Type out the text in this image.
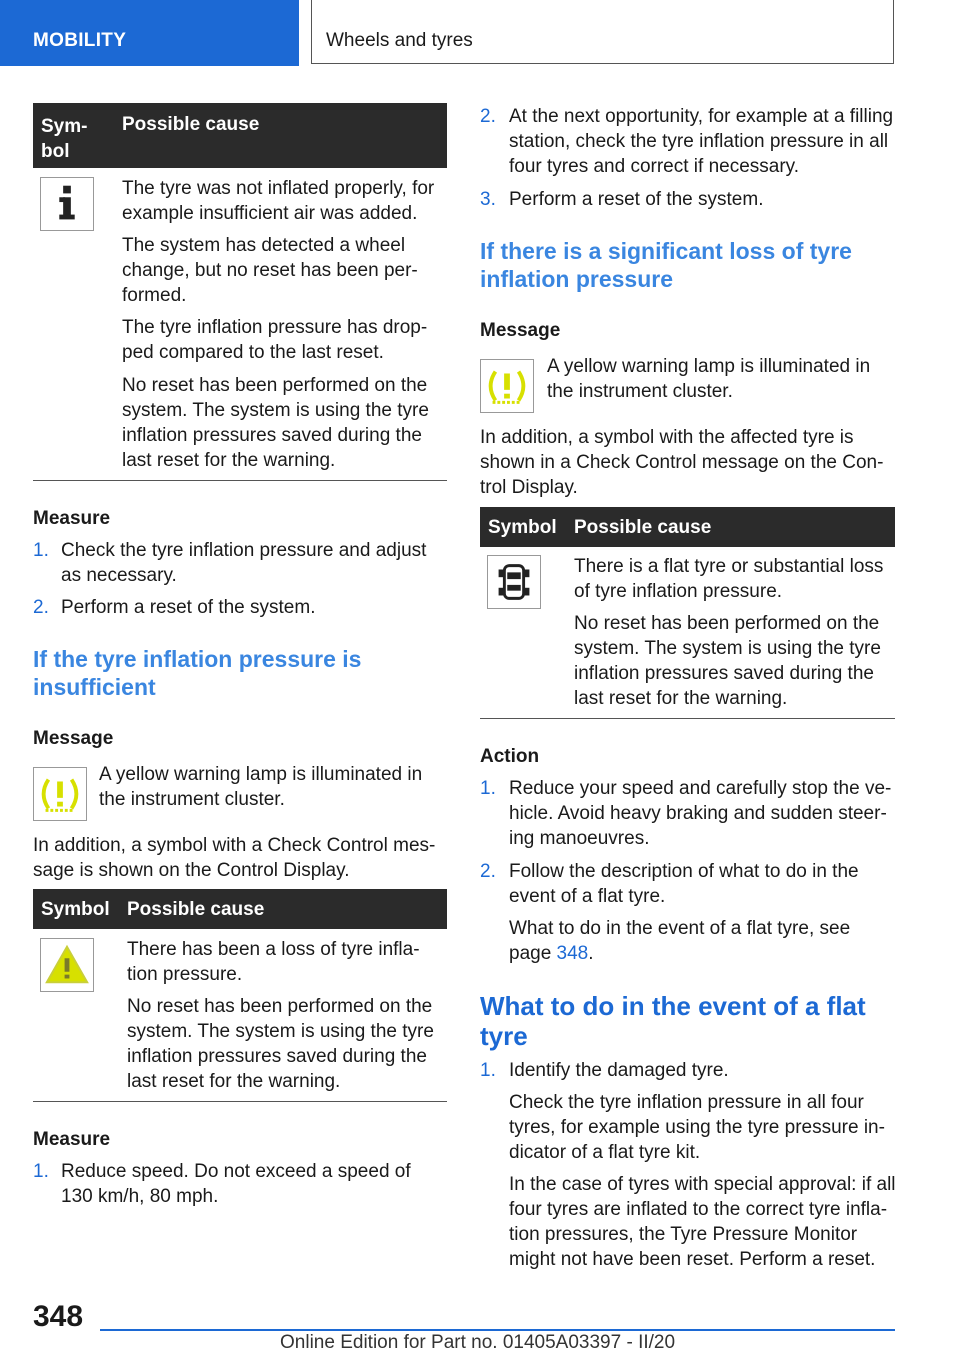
MOBILITY	Wheels and tyres
Sym‐
bol
Possible cause

The tyre was not inflated properly, for example insufficient air was added.

The system has detected a wheel change, but no reset has been per‐ formed.

The tyre inflation pressure has drop‐ ped compared to the last reset.

No reset has been performed on the system. The system is using the tyre inflation pressures saved during the last reset for the warning.

Measure

1. Check the tyre inflation pressure and adjust as necessary.

2. Perform a reset of the system.

If the tyre inflation pressure is insufficient

Message

A yellow warning lamp is illuminated in the instrument cluster.

In addition, a symbol with a Check Control mes‐ sage is shown on the Control Display.

Symbol Possible cause

There has been a loss of tyre infla‐ tion pressure.

No reset has been performed on the system. The system is using the tyre inflation pressures saved during the last reset for the warning.

Measure

1. Reduce speed. Do not exceed a speed of 130 km/h, 80 mph.

2. At the next opportunity, for example at a filling station, check the tyre inflation pressure in all four tyres and correct if necessary.

3. Perform a reset of the system.

If there is a significant loss of tyre inflation pressure

Message

A yellow warning lamp is illuminated in the instrument cluster.

In addition, a symbol with the affected tyre is shown in a Check Control message on the Con‐ trol Display.

Symbol Possible cause

There is a flat tyre or substantial loss of tyre inflation pressure.

No reset has been performed on the system. The system is using the tyre inflation pressures saved during the last reset for the warning.

Action

1. Reduce your speed and carefully stop the ve‐ hicle. Avoid heavy braking and sudden steer‐ ing manoeuvres.

2. Follow the description of what to do in the event of a flat tyre.

What to do in the event of a flat tyre, see page 348.

What to do in the event of a flat tyre

1. Identify the damaged tyre.

Check the tyre inflation pressure in all four tyres, for example using the tyre pressure in‐ dicator of a flat tyre kit.

In the case of tyres with special approval: if all four tyres are inflated to the correct tyre infla‐ tion pressures, the Tyre Pressure Monitor might not have been reset. Perform a reset.

348
Online Edition for Part no. 01405A03397 - II/20
